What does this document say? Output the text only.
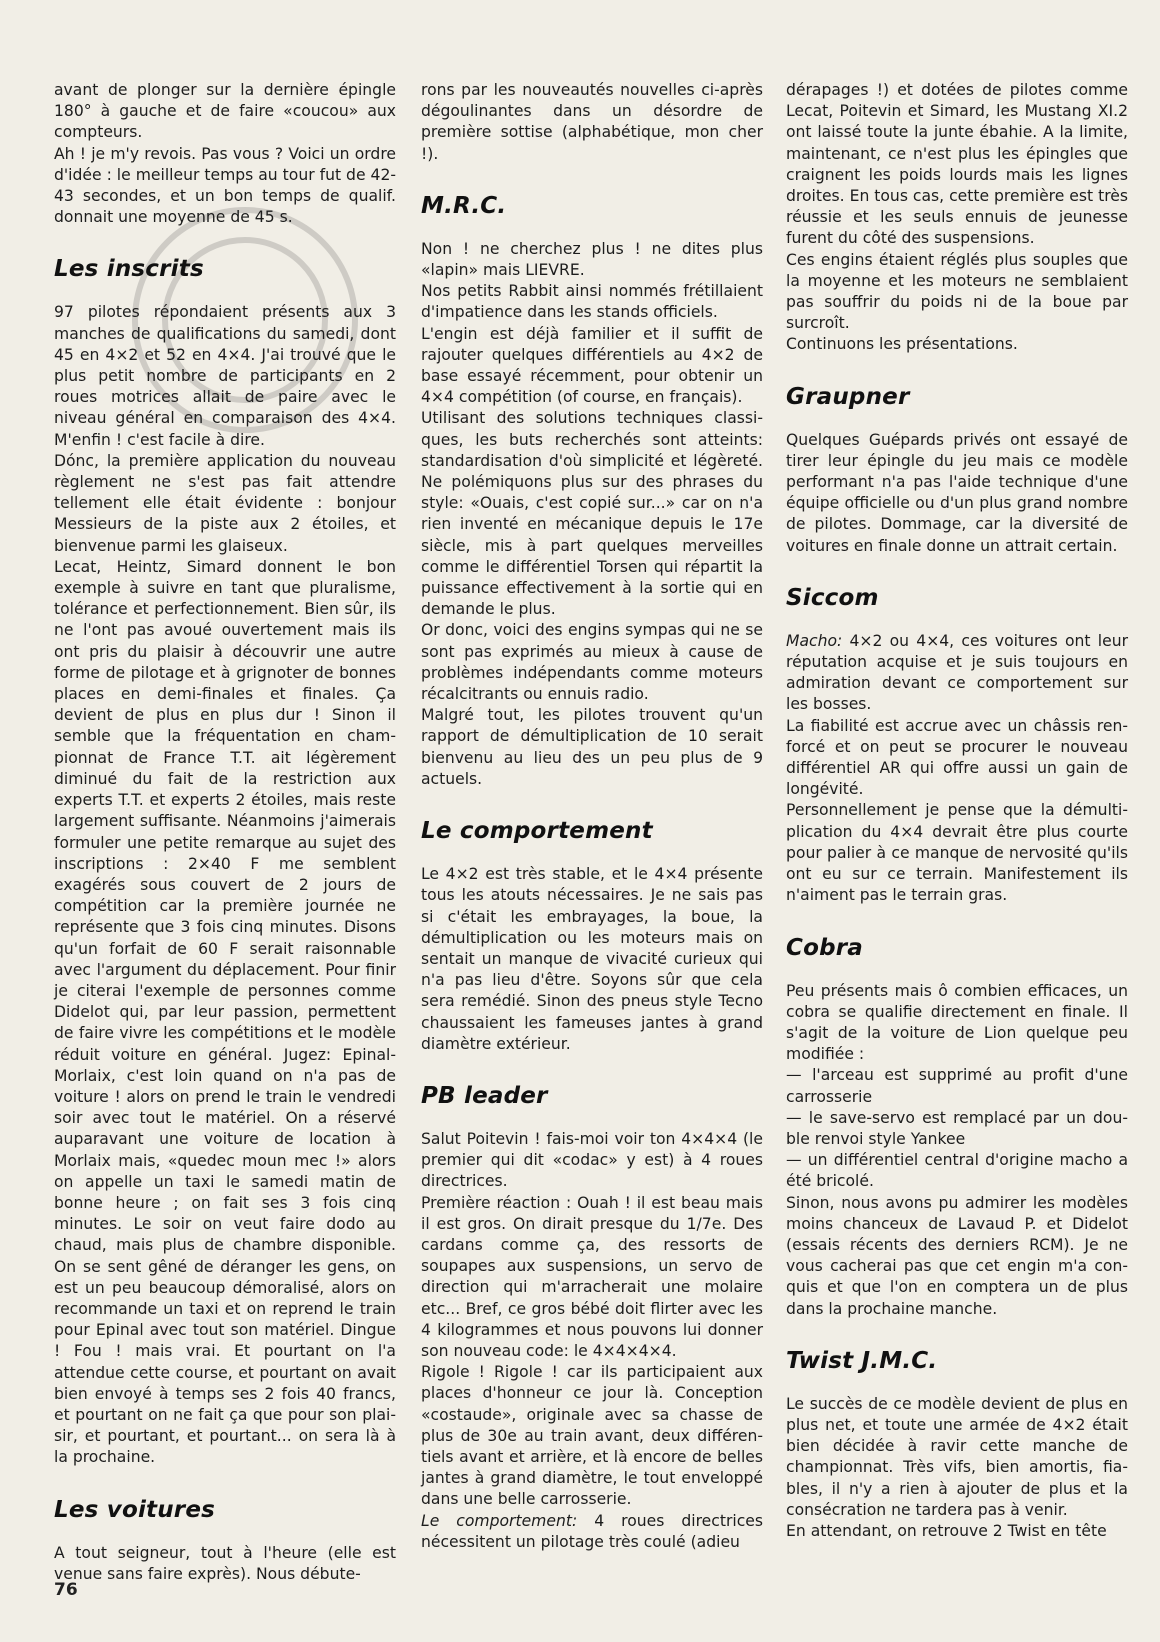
avant de plonger sur la dernière épingle 180° à gauche et de faire «coucou» aux compteurs.

Ah ! je m'y revois. Pas vous ? Voici un ordre d'idée : le meilleur temps au tour fut de 42-43 secondes, et un bon temps de qualif. donnait une moyenne de 45 s.

Les inscrits

97 pilotes répondaient présents aux 3 manches de qualifications du samedi, dont 45 en 4×2 et 52 en 4×4. J'ai trouvé que le plus petit nombre de participants en 2 roues motrices allait de paire avec le niveau général en comparaison des 4×4. M'enfin ! c'est facile à dire.

Dónc, la première application du nouveau règlement ne s'est pas fait attendre tellement elle était évidente : bonjour Messieurs de la piste aux 2 étoiles, et bienvenue parmi les glaiseux.

Lecat, Heintz, Simard donnent le bon exemple à suivre en tant que pluralisme, tolérance et perfectionnement. Bien sûr, ils ne l'ont pas avoué ouvertement mais ils ont pris du plaisir à découvrir une autre forme de pilotage et à grignoter de bonnes places en demi-finales et finales. Ça devient de plus en plus dur ! Sinon il semble que la fréquentation en championnat de France T.T. ait légèrement diminué du fait de la restriction aux experts T.T. et experts 2 étoiles, mais reste largement suffisante. Néanmoins j'aimerais formuler une petite remarque au sujet des inscriptions : 2×40 F me semblent exagérés sous couvert de 2 jours de compétition car la première journée ne représente que 3 fois cinq minutes. Disons qu'un forfait de 60 F serait raisonnable avec l'argument du déplacement. Pour finir je citerai l'exemple de personnes comme Didelot qui, par leur passion, permettent de faire vivre les compétitions et le modèle réduit voiture en général. Jugez: Epinal-Morlaix, c'est loin quand on n'a pas de voiture ! alors on prend le train le vendredi soir avec tout le matériel. On a réservé auparavant une voiture de location à Morlaix mais, «quedec moun mec !» alors on appelle un taxi le samedi matin de bonne heure ; on fait ses 3 fois cinq minutes. Le soir on veut faire dodo au chaud, mais plus de chambre disponible. On se sent gêné de déranger les gens, on est un peu beaucoup démoralisé, alors on recommande un taxi et on reprend le train pour Epinal avec tout son matériel. Dingue ! Fou ! mais vrai. Et pourtant on l'a attendue cette course, et pourtant on avait bien envoyé à temps ses 2 fois 40 francs, et pourtant on ne fait ça que pour son plaisir, et pourtant, et pourtant... on sera là à la prochaine.

Les voitures

A tout seigneur, tout à l'heure (elle est venue sans faire exprès). Nous débute-

rons par les nouveautés nouvelles ci-après dégoulinantes dans un désordre de première sottise (alphabétique, mon cher !).

M.R.C.

Non ! ne cherchez plus ! ne dites plus «lapin» mais LIEVRE.

Nos petits Rabbit ainsi nommés frétillaient d'impatience dans les stands officiels.

L'engin est déjà familier et il suffit de rajouter quelques différentiels au 4×2 de base essayé récemment, pour obtenir un 4×4 compétition (of course, en français).

Utilisant des solutions techniques classiques, les buts recherchés sont atteints: standardisation d'où simplicité et légèreté. Ne polémiquons plus sur des phrases du style: «Ouais, c'est copié sur...» car on n'a rien inventé en mécanique depuis le 17e siècle, mis à part quelques merveilles comme le différentiel Torsen qui répartit la puissance effectivement à la sortie qui en demande le plus.

Or donc, voici des engins sympas qui ne se sont pas exprimés au mieux à cause de problèmes indépendants comme moteurs récalcitrants ou ennuis radio.

Malgré tout, les pilotes trouvent qu'un rapport de démultiplication de 10 serait bienvenu au lieu des un peu plus de 9 actuels.

Le comportement

Le 4×2 est très stable, et le 4×4 présente tous les atouts nécessaires. Je ne sais pas si c'était les embrayages, la boue, la démultiplication ou les moteurs mais on sentait un manque de vivacité curieux qui n'a pas lieu d'être. Soyons sûr que cela sera remédié. Sinon des pneus style Tecno chaussaient les fameuses jantes à grand diamètre extérieur.

PB leader

Salut Poitevin ! fais-moi voir ton 4×4×4 (le premier qui dit «codac» y est) à 4 roues directrices.

Première réaction : Ouah ! il est beau mais il est gros. On dirait presque du 1/7e. Des cardans comme ça, des ressorts de soupapes aux suspensions, un servo de direction qui m'arracherait une molaire etc... Bref, ce gros bébé doit flirter avec les 4 kilogrammes et nous pouvons lui donner son nouveau code: le 4×4×4×4.

Rigole ! Rigole ! car ils participaient aux places d'honneur ce jour là. Conception «costaude», originale avec sa chasse de plus de 30e au train avant, deux différentiels avant et arrière, et là encore de belles jantes à grand diamètre, le tout enveloppé dans une belle carrosserie.

Le comportement: 4 roues directrices nécessitent un pilotage très coulé (adieu

dérapages !) et dotées de pilotes comme Lecat, Poitevin et Simard, les Mustang XI.2 ont laissé toute la junte ébahie. A la limite, maintenant, ce n'est plus les épingles que craignent les poids lourds mais les lignes droites. En tous cas, cette première est très réussie et les seuls ennuis de jeunesse furent du côté des suspensions.

Ces engins étaient réglés plus souples que la moyenne et les moteurs ne semblaient pas souffrir du poids ni de la boue par surcroît.

Continuons les présentations.

Graupner

Quelques Guépards privés ont essayé de tirer leur épingle du jeu mais ce modèle performant n'a pas l'aide technique d'une équipe officielle ou d'un plus grand nombre de pilotes. Dommage, car la diversité de voitures en finale donne un attrait certain.

Siccom

Macho: 4×2 ou 4×4, ces voitures ont leur réputation acquise et je suis toujours en admiration devant ce comportement sur les bosses.

La fiabilité est accrue avec un châssis renforcé et on peut se procurer le nouveau différentiel AR qui offre aussi un gain de longévité.

Personnellement je pense que la démultiplication du 4×4 devrait être plus courte pour palier à ce manque de nervosité qu'ils ont eu sur ce terrain. Manifestement ils n'aiment pas le terrain gras.

Cobra

Peu présents mais ô combien efficaces, un cobra se qualifie directement en finale. Il s'agit de la voiture de Lion quelque peu modifiée :

— l'arceau est supprimé au profit d'une carrosserie

— le save-servo est remplacé par un double renvoi style Yankee

— un différentiel central d'origine macho a été bricolé.

Sinon, nous avons pu admirer les modèles moins chanceux de Lavaud P. et Didelot (essais récents des derniers RCM). Je ne vous cacherai pas que cet engin m'a conquis et que l'on en comptera un de plus dans la prochaine manche.

Twist J.M.C.

Le succès de ce modèle devient de plus en plus net, et toute une armée de 4×2 était bien décidée à ravir cette manche de championnat. Très vifs, bien amortis, fiables, il n'y a rien à ajouter de plus et la consécration ne tardera pas à venir.

En attendant, on retrouve 2 Twist en tête

76
